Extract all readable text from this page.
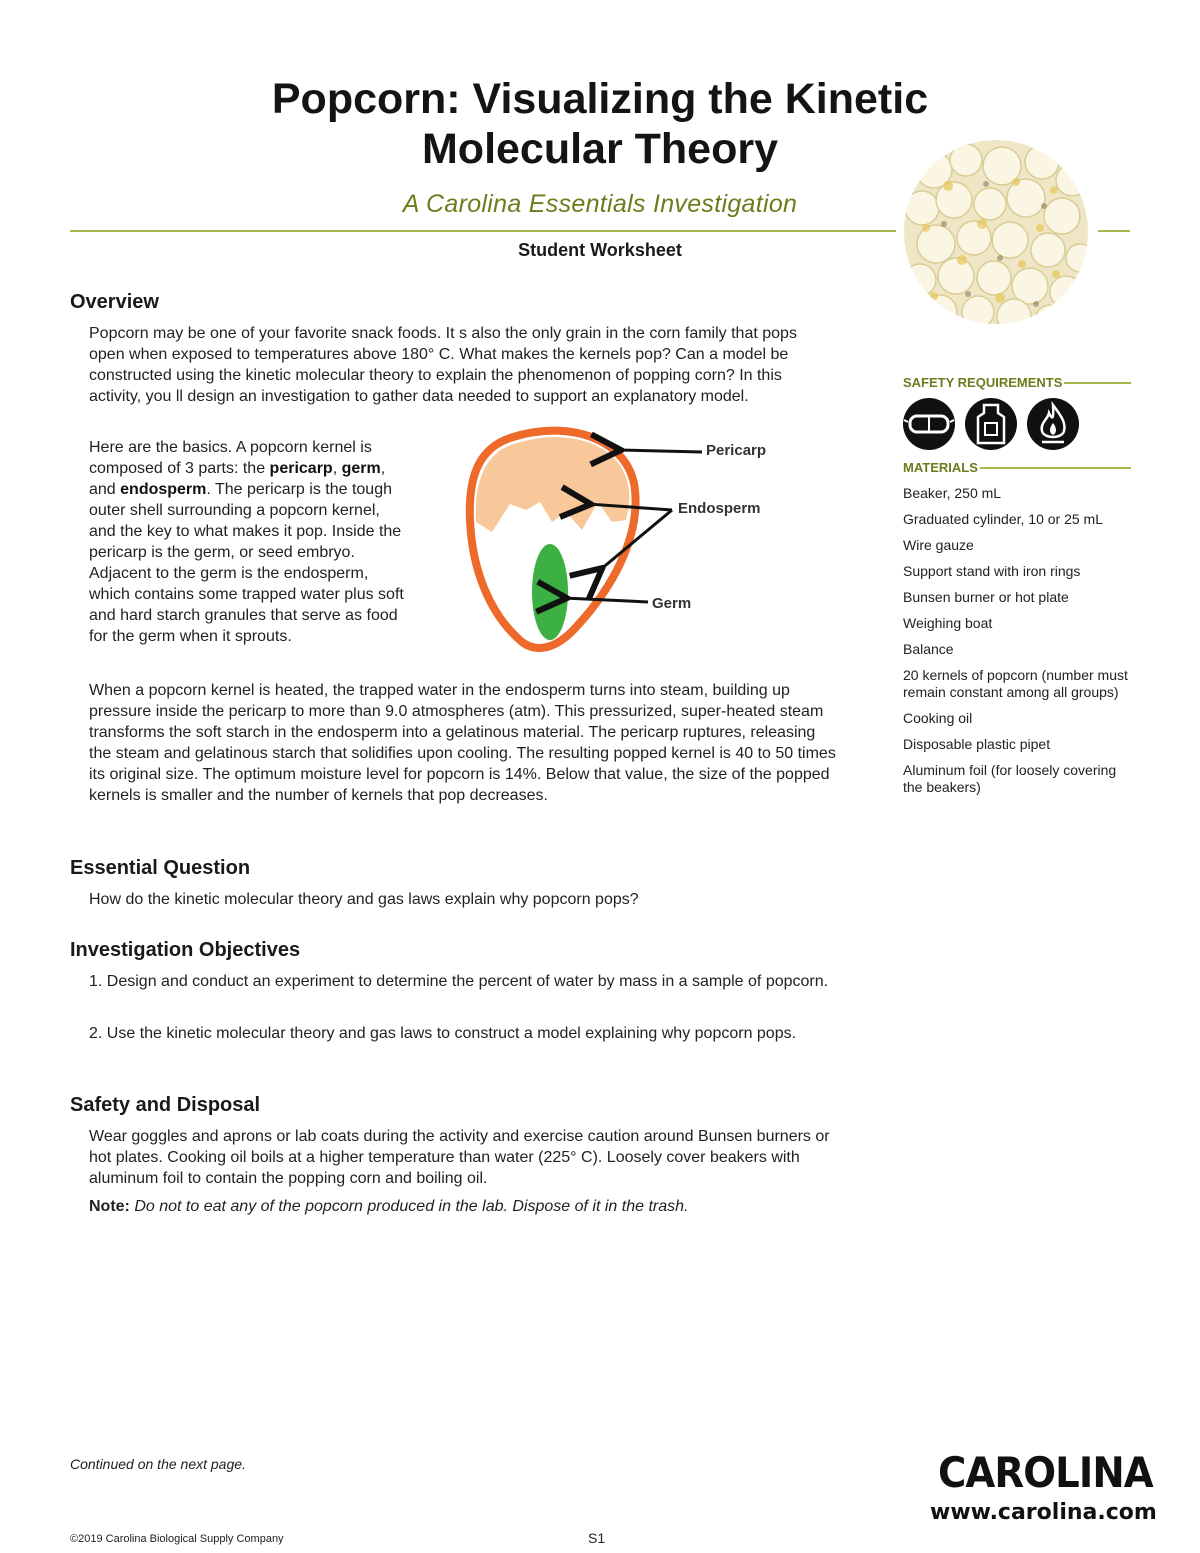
Popcorn: Visualizing the Kinetic
Molecular Theory
A Carolina Essentials Investigation
Student Worksheet
Overview

Popcorn may be one of your favorite snack foods. It s also the only grain in the corn family that pops open when exposed to temperatures above 180° C. What makes the kernels pop? Can a model be constructed using the kinetic molecular theory to explain the phenomenon of popping corn? In this activity, you ll design an investigation to gather data needed to support an explanatory model.

Here are the basics. A popcorn kernel is composed of 3 parts: the pericarp, germ, and endosperm. The pericarp is the tough outer shell surrounding a popcorn kernel, and the key to what makes it pop. Inside the pericarp is the germ, or seed embryo. Adjacent to the germ is the endosperm, which contains some trapped water plus soft and hard starch granules that serve as food for the germ when it sprouts.

Pericarp
Endosperm
Germ

When a popcorn kernel is heated, the trapped water in the endosperm turns into steam, building up pressure inside the pericarp to more than 9.0 atmospheres (atm). This pressurized, super-heated steam transforms the soft starch in the endosperm into a gelatinous material. The pericarp ruptures, releasing the steam and gelatinous starch that solidifies upon cooling. The resulting popped kernel is 40 to 50 times its original size. The optimum moisture level for popcorn is 14%. Below that value, the size of the popped kernels is smaller and the number of kernels that pop decreases.

Essential Question

How do the kinetic molecular theory and gas laws explain why popcorn pops?

Investigation Objectives

1. Design and conduct an experiment to determine the percent of water by mass in a sample of popcorn.

2. Use the kinetic molecular theory and gas laws to construct a model explaining why popcorn pops.

Safety and Disposal

Wear goggles and aprons or lab coats during the activity and exercise caution around Bunsen burners or hot plates. Cooking oil boils at a higher temperature than water (225° C). Loosely cover beakers with aluminum foil to contain the popping corn and boiling oil.

Note: Do not to eat any of the popcorn produced in the lab. Dispose of it in the trash.
SAFETY REQUIREMENTS
MATERIALS
Beaker, 250 mL
Graduated cylinder, 10 or 25 mL
Wire gauze
Support stand with iron rings
Bunsen burner or hot plate
Weighing boat
Balance
20 kernels of popcorn (number must remain constant among all groups)
Cooking oil
Disposable plastic pipet
Aluminum foil (for loosely covering the beakers)
Continued on the next page.
©2019 Carolina Biological Supply Company	S1
CAROLINA
www.carolina.com
